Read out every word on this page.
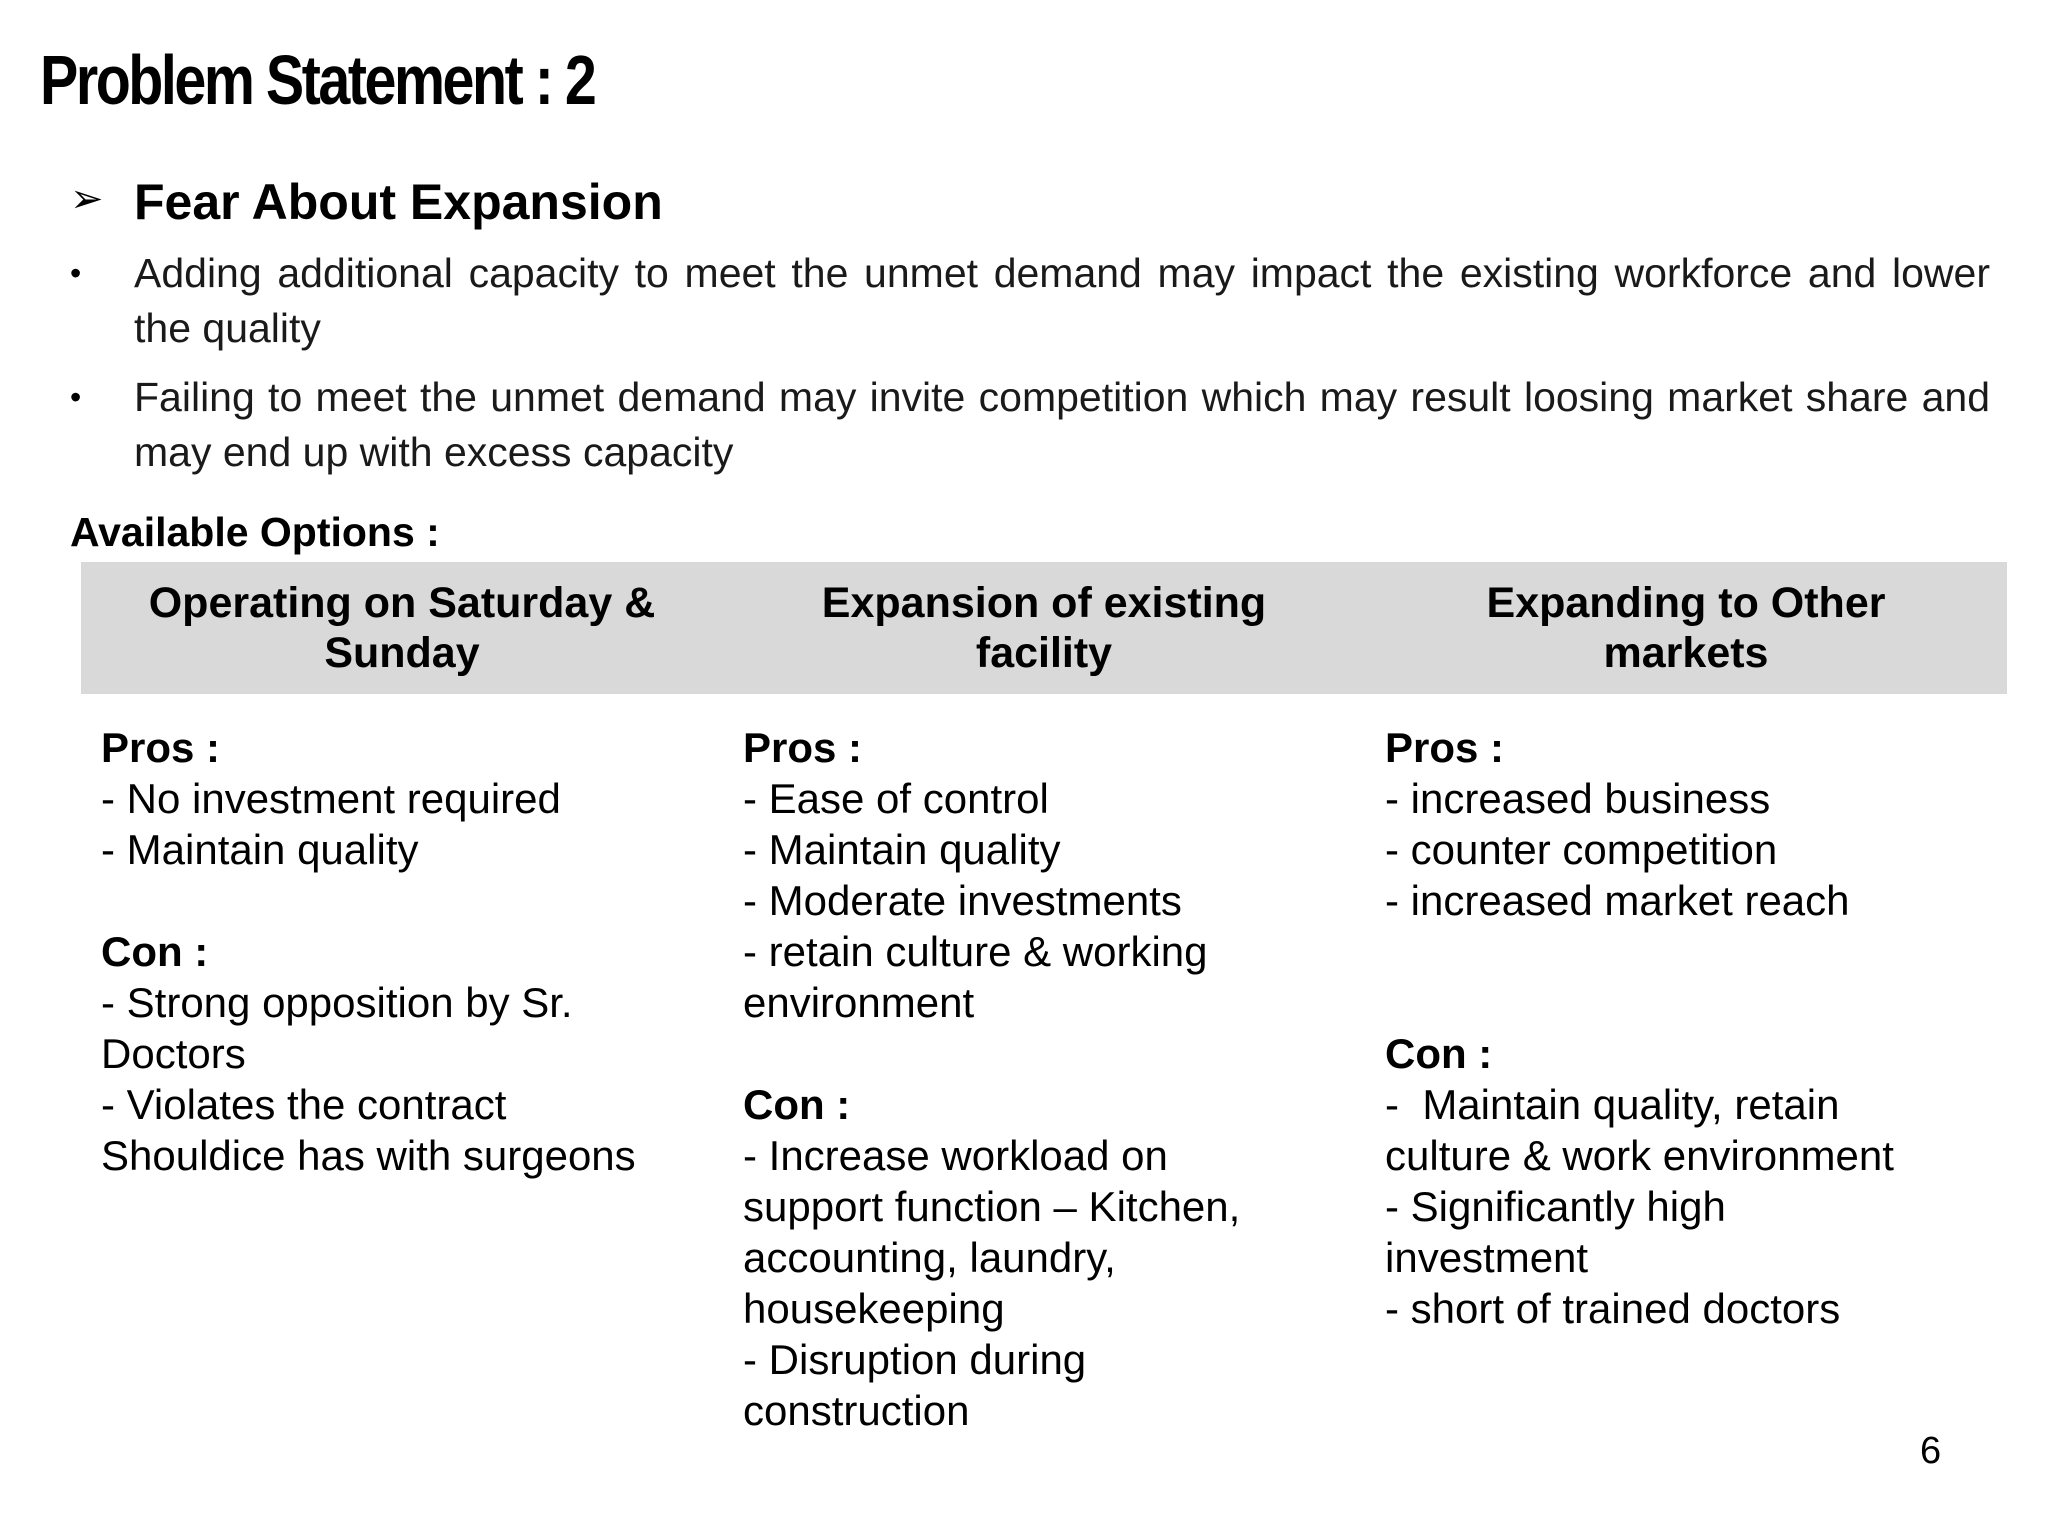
Problem Statement : 2
➢ Fear About Expansion
• Adding additional capacity to meet the unmet demand may impact the existing workforce and lower the quality
• Failing to meet the unmet demand may invite competition which may result loosing market share and may end up with excess capacity
Available Options :
Operating on Saturday &
Sunday
Expansion of existing
facility
Expanding to Other
markets
Pros :
- No investment required
- Maintain quality
Con :
- Strong opposition by Sr.
Doctors
- Violates the contract
Shouldice has with surgeons
Pros :
- Ease of control
- Maintain quality
- Moderate investments
- retain culture & working
environment
Con :
- Increase workload on
support function – Kitchen,
accounting, laundry,
housekeeping
- Disruption during
construction
Pros :
- increased business
- counter competition
- increased market reach
Con :
-  Maintain quality, retain
culture & work environment
- Significantly high
investment
- short of trained doctors
6
